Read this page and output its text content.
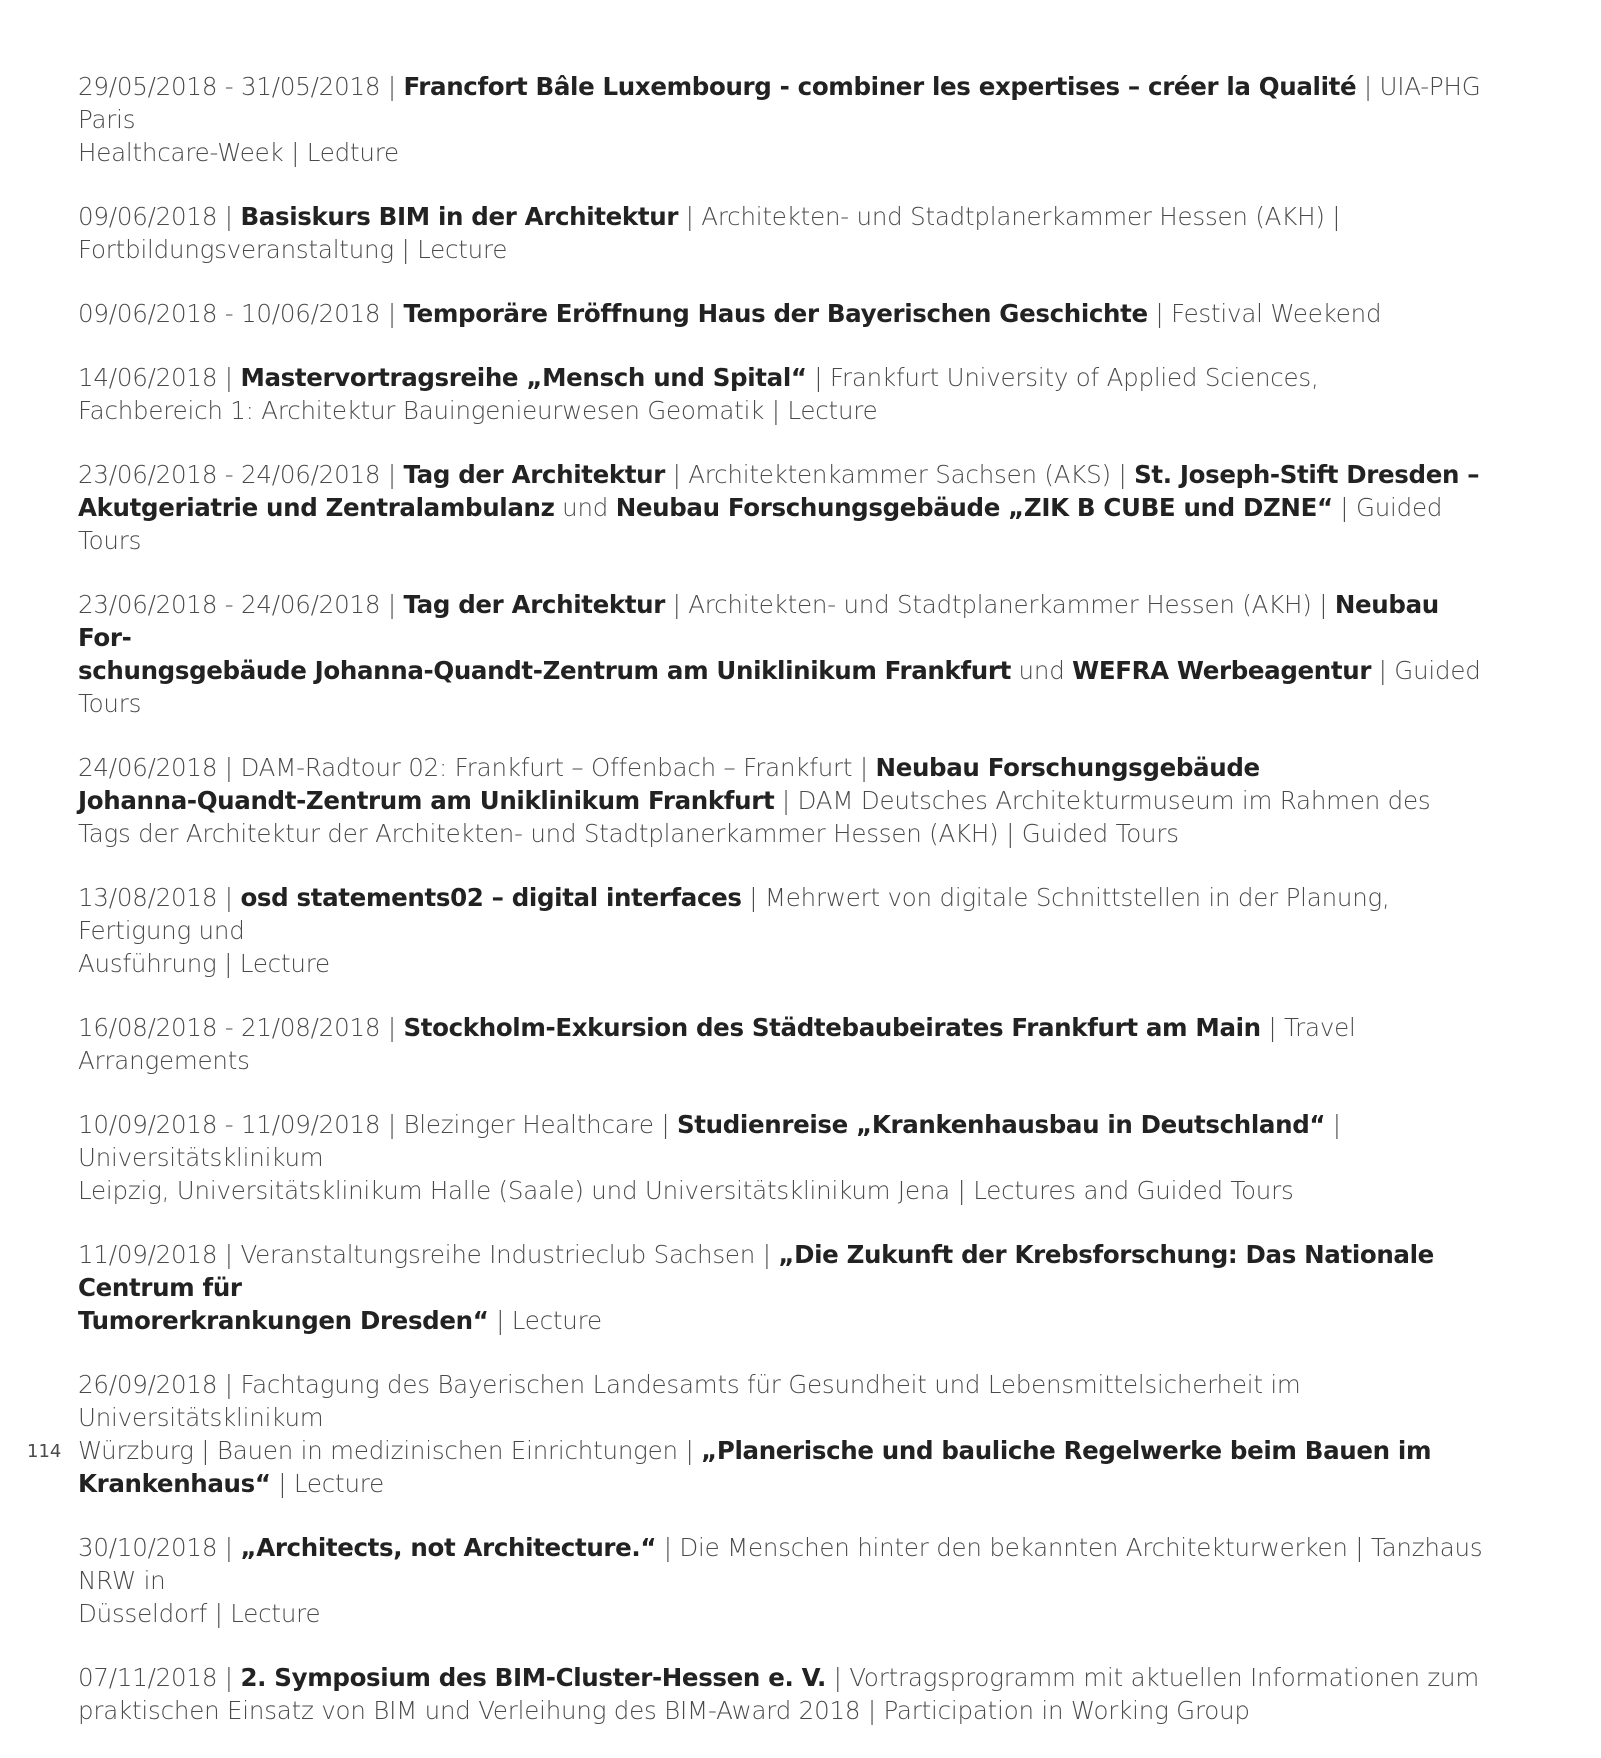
29/05/2018 - 31/05/2018 | Francfort Bâle Luxembourg - combiner les expertises – créer la Qualité | UIA-PHG Paris
Healthcare-Week | Ledture

09/06/2018 | Basiskurs BIM in der Architektur | Architekten- und Stadtplanerkammer Hessen (AKH) |
Fortbildungsveranstaltung | Lecture

09/06/2018 - 10/06/2018 | Temporäre Eröffnung Haus der Bayerischen Geschichte | Festival Weekend

14/06/2018 | Mastervortragsreihe „Mensch und Spital“ | Frankfurt University of Applied Sciences,
Fachbereich 1: Architektur Bauingenieurwesen Geomatik | Lecture

23/06/2018 - 24/06/2018 | Tag der Architektur | Architektenkammer Sachsen (AKS) | St. Joseph-Stift Dresden –
Akutgeriatrie und Zentralambulanz und Neubau Forschungsgebäude „ZIK B CUBE und DZNE“ | Guided Tours

23/06/2018 - 24/06/2018 | Tag der Architektur | Architekten- und Stadtplanerkammer Hessen (AKH) | Neubau For-
schungsgebäude Johanna-Quandt-Zentrum am Uniklinikum Frankfurt und WEFRA Werbeagentur | Guided Tours

24/06/2018 | DAM-Radtour 02: Frankfurt – Offenbach – Frankfurt | Neubau Forschungsgebäude
Johanna-Quandt-Zentrum am Uniklinikum Frankfurt | DAM Deutsches Architekturmuseum im Rahmen des
Tags der Architektur der Architekten- und Stadtplanerkammer Hessen (AKH) | Guided Tours

13/08/2018 | osd statements02 – digital interfaces | Mehrwert von digitale Schnittstellen in der Planung, Fertigung und
Ausführung | Lecture

16/08/2018 - 21/08/2018 | Stockholm-Exkursion des Städtebaubeirates Frankfurt am Main | Travel Arrangements

10/09/2018 - 11/09/2018 | Blezinger Healthcare | Studienreise „Krankenhausbau in Deutschland“ | Universitätsklinikum
Leipzig, Universitätsklinikum Halle (Saale) und Universitätsklinikum Jena | Lectures and Guided Tours

11/09/2018 | Veranstaltungsreihe Industrieclub Sachsen | „Die Zukunft der Krebsforschung: Das Nationale Centrum für
Tumorerkrankungen Dresden“ | Lecture

26/09/2018 | Fachtagung des Bayerischen Landesamts für Gesundheit und Lebensmittelsicherheit im Universitätsklinikum
Würzburg | Bauen in medizinischen Einrichtungen | „Planerische und bauliche Regelwerke beim Bauen im
Krankenhaus“ | Lecture

30/10/2018 | „Architects, not Architecture.“ | Die Menschen hinter den bekannten Architekturwerken | Tanzhaus NRW in
Düsseldorf | Lecture

07/11/2018 | 2. Symposium des BIM-Cluster-Hessen e. V. | Vortragsprogramm mit aktuellen Informationen zum
praktischen Einsatz von BIM und Verleihung des BIM-Award 2018 | Participation in Working Group

114
